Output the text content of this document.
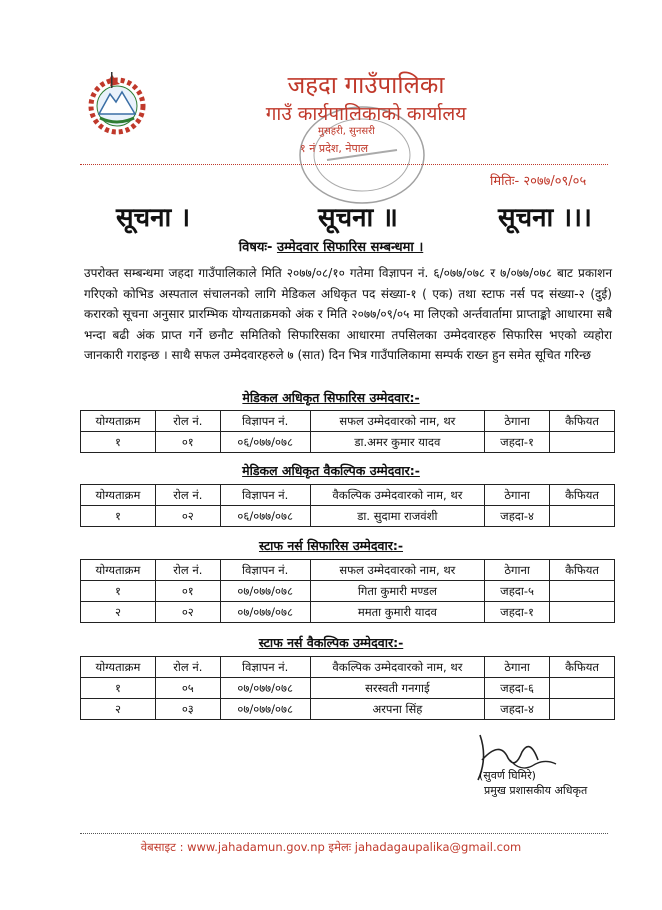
जहदा गाउँपालिका
गाउँ कार्यपालिकाको कार्यालय
मुसहरी, सुनसरी
१ नं प्रदेश, नेपाल
मितिः- २०७७/०९/०५
सूचना ।	सूचना ॥	सूचना ।।।
विषयः- उम्मेदवार सिफारिस सम्बन्धमा ।
उपरोक्त सम्बन्धमा जहदा गाउँपालिकाले मिति २०७७/०८/१० गतेमा विज्ञापन नं. ६/०७७/०७८ र ७/०७७/०७८ बाट प्रकाशन गरिएको कोभिड अस्पताल संचालनको लागि मेडिकल अधिकृत पद संख्या-१ ( एक) तथा स्टाफ नर्स पद संख्या-२ (दुई) करारको सूचना अनुसार प्रारम्भिक योग्यताक्रमको अंक र मिति २०७७/०९/०५ मा लिएको अर्न्तवार्तामा प्राप्ताङ्को आधारमा सबै भन्दा बढी अंक प्राप्त गर्ने छनौट समितिको सिफारिसका आधारमा तपसिलका उम्मेदवारहरु सिफारिस भएको व्यहोरा जानकारी गराइन्छ । साथै सफल उम्मेदवारहरुले ७ (सात) दिन भित्र गाउँपालिकामा सम्पर्क राख्न हुन समेत सूचित गरिन्छ
मेडिकल अधिकृत सिफारिस उम्मेदवार:-
योग्यताक्रम	रोल नं.	विज्ञापन नं.	सफल उम्मेदवारको नाम, थर	ठेगाना	कैफियत
१	०१	०६/०७७/०७८	डा.अमर कुमार यादव	जहदा-१	
मेडिकल अधिकृत वैकल्पिक उम्मेदवार:-
योग्यताक्रम	रोल नं.	विज्ञापन नं.	वैकल्पिक उम्मेदवारको नाम, थर	ठेगाना	कैफियत
१	०२	०६/०७७/०७८	डा. सुदामा राजवंशी	जहदा-४	
स्टाफ नर्स सिफारिस उम्मेदवार:-
योग्यताक्रम	रोल नं.	विज्ञापन नं.	सफल उम्मेदवारको नाम, थर	ठेगाना	कैफियत
१	०१	०७/०७७/०७८	गिता कुमारी मण्डल	जहदा-५	
२	०२	०७/०७७/०७८	ममता कुमारी यादव	जहदा-१	
स्टाफ नर्स वैकल्पिक उम्मेदवार:-
योग्यताक्रम	रोल नं.	विज्ञापन नं.	वैकल्पिक उम्मेदवारको नाम, थर	ठेगाना	कैफियत
१	०५	०७/०७७/०७८	सरस्वती गनगाई	जहदा-६	
२	०३	०७/०७७/०७८	अरपना सिंह	जहदा-४	
(सुवर्ण घिमिरे)
प्रमुख प्रशासकीय अधिकृत
वेबसाइट : www.jahadamun.gov.np इमेलः jahadagaupalika@gmail.com
